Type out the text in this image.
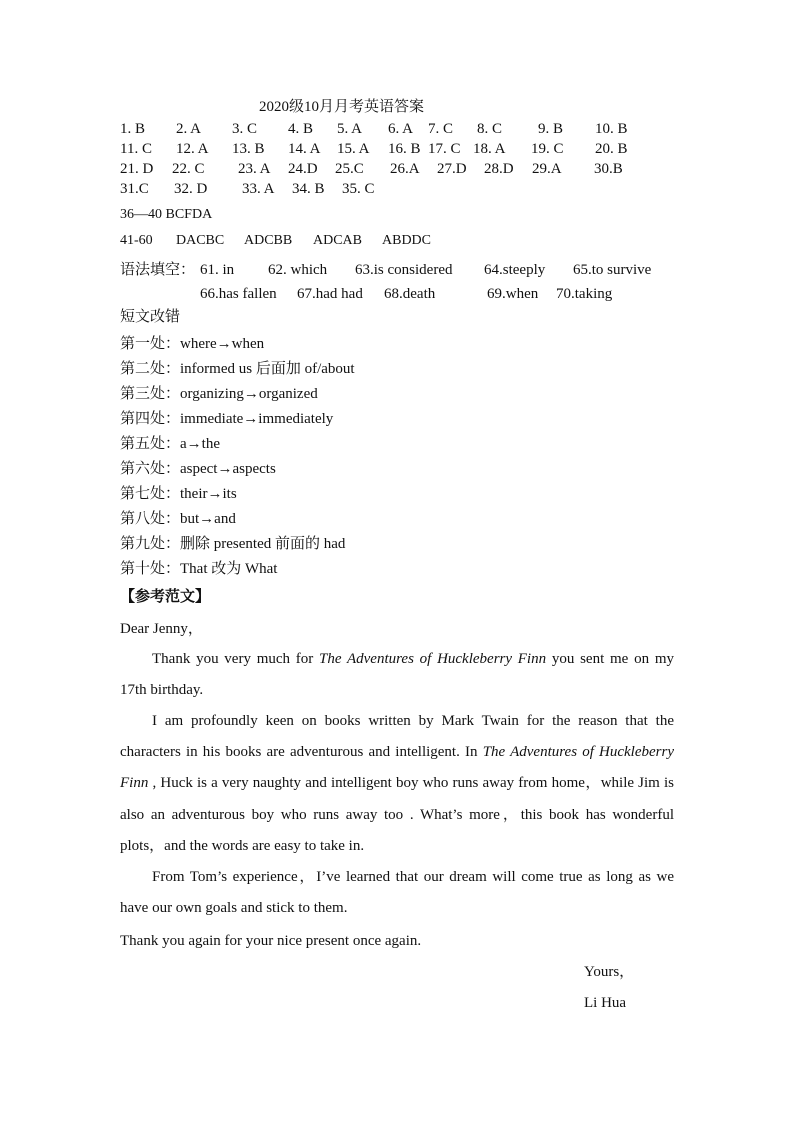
2020级10月月考英语答案
1. B 2. A 3. C 4. B 5. A 6. A 7. C 8. C 9. B 10. B
11. C 12. A 13. B 14. A 15. A 16. B 17. C 18. A 19. C 20. B
21. D 22. C 23. A 24.D 25.C 26.A 27.D 28.D 29.A 30.B
31.C 32. D 33. A 34. B 35. C
36—40 BCFDA
41-60 DACBC ADCBB ADCAB ABDDC
语法填空： 61. in 62. which 63.is considered 64.steeply 65.to survive
66.has fallen 67.had had 68.death	69.when 70.taking
短文改错
第一处：where→when
第二处：informed us 后面加 of/about
第三处：organizing→organized
第四处：immediate→immediately
第五处：a→the
第六处：aspect→aspects
第七处：their→its
第八处：but→and
第九处：删除 presented 前面的 had
第十处：That 改为 What
【参考范文】
Dear Jenny，
Thank you very much for The Adventures of Huckleberry Finn you sent me on my 17th birthday.
I am profoundly keen on books written by Mark Twain for the reason that the characters in his books are adventurous and intelligent. In The Adventures of Huckleberry Finn , Huck is a very naughty and intelligent boy who runs away from home，while Jim is also an adventurous boy who runs away too . What’s more，this book has wonderful plots，and the words are easy to take in.
From Tom’s experience，I’ve learned that our dream will come true as long as we have our own goals and stick to them.
Thank you again for your nice present once again.
Yours，
Li Hua
